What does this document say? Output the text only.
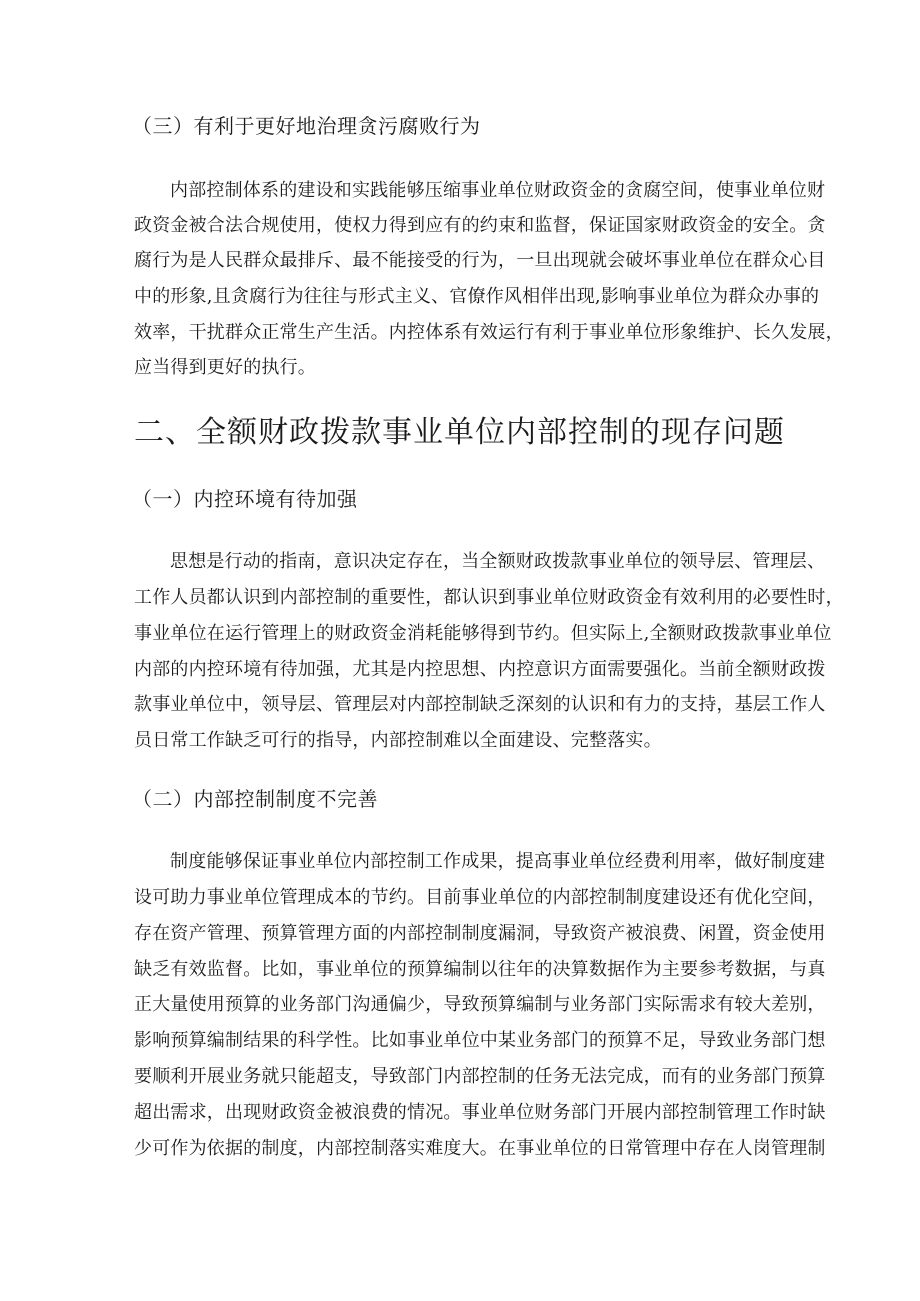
（三）有利于更好地治理贪污腐败行为
内部控制体系的建设和实践能够压缩事业单位财政资金的贪腐空间，使事业单位财
政资金被合法合规使用，使权力得到应有的约束和监督，保证国家财政资金的安全。贪
腐行为是人民群众最排斥、最不能接受的行为，一旦出现就会破坏事业单位在群众心目
中的形象,且贪腐行为往往与形式主义、官僚作风相伴出现,影响事业单位为群众办事的
效率，干扰群众正常生产生活。内控体系有效运行有利于事业单位形象维护、长久发展，
应当得到更好的执行。
二、全额财政拨款事业单位内部控制的现存问题
（一）内控环境有待加强
思想是行动的指南，意识决定存在，当全额财政拨款事业单位的领导层、管理层、
工作人员都认识到内部控制的重要性，都认识到事业单位财政资金有效利用的必要性时，
事业单位在运行管理上的财政资金消耗能够得到节约。但实际上,全额财政拨款事业单位
内部的内控环境有待加强，尤其是内控思想、内控意识方面需要强化。当前全额财政拨
款事业单位中，领导层、管理层对内部控制缺乏深刻的认识和有力的支持，基层工作人
员日常工作缺乏可行的指导，内部控制难以全面建设、完整落实。
（二）内部控制制度不完善
制度能够保证事业单位内部控制工作成果，提高事业单位经费利用率，做好制度建
设可助力事业单位管理成本的节约。目前事业单位的内部控制制度建设还有优化空间，
存在资产管理、预算管理方面的内部控制制度漏洞，导致资产被浪费、闲置，资金使用
缺乏有效监督。比如，事业单位的预算编制以往年的决算数据作为主要参考数据，与真
正大量使用预算的业务部门沟通偏少，导致预算编制与业务部门实际需求有较大差别，
影响预算编制结果的科学性。比如事业单位中某业务部门的预算不足，导致业务部门想
要顺利开展业务就只能超支，导致部门内部控制的任务无法完成，而有的业务部门预算
超出需求，出现财政资金被浪费的情况。事业单位财务部门开展内部控制管理工作时缺
少可作为依据的制度，内部控制落实难度大。在事业单位的日常管理中存在人岗管理制
